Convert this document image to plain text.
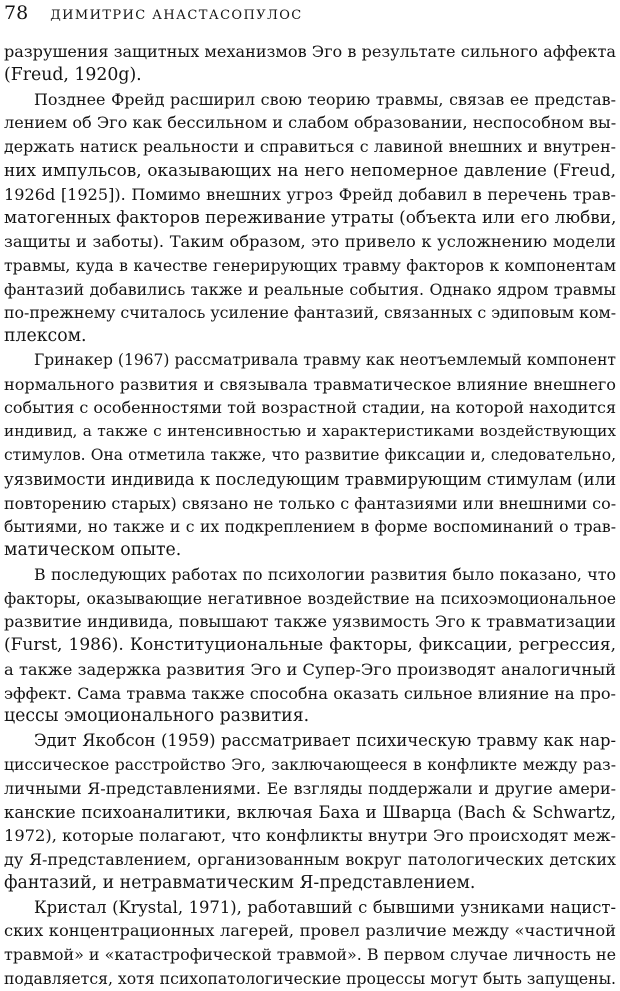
78 ДИМИТРИС АНАСТАСОПУЛОС
разрушения защитных механизмов Эго в результате сильного аффекта
(Freud, 1920g).
Позднее Фрейд расширил свою теорию травмы, связав ее представ-
лением об Эго как бессильном и слабом образовании, неспособном вы-
держать натиск реальности и справиться с лавиной внешних и внутрен-
них импульсов, оказывающих на него непомерное давление (Freud,
1926d [1925]). Помимо внешних угроз Фрейд добавил в перечень трав-
матогенных факторов переживание утраты (объекта или его любви,
защиты и заботы). Таким образом, это привело к усложнению модели
травмы, куда в качестве генерирующих травму факторов к компонентам
фантазий добавились также и реальные события. Однако ядром травмы
по-прежнему считалось усиление фантазий, связанных с эдиповым ком-
плексом.
Гринакер (1967) рассматривала травму как неотъемлемый компонент
нормального развития и связывала травматическое влияние внешнего
события с особенностями той возрастной стадии, на которой находится
индивид, а также с интенсивностью и характеристиками воздействующих
стимулов. Она отметила также, что развитие фиксации и, следовательно,
уязвимости индивида к последующим травмирующим стимулам (или
повторению старых) связано не только с фантазиями или внешними со-
бытиями, но также и с их подкреплением в форме воспоминаний о трав-
матическом опыте.
В последующих работах по психологии развития было показано, что
факторы, оказывающие негативное воздействие на психоэмоциональное
развитие индивида, повышают также уязвимость Эго к травматизации
(Furst, 1986). Конституциональные факторы, фиксации, регрессия,
а также задержка развития Эго и Супер-Эго производят аналогичный
эффект. Сама травма также способна оказать сильное влияние на про-
цессы эмоционального развития.
Эдит Якобсон (1959) рассматривает психическую травму как нар-
циссическое расстройство Эго, заключающееся в конфликте между раз-
личными Я-представлениями. Ее взгляды поддержали и другие амери-
канские психоаналитики, включая Баха и Шварца (Bach & Schwartz,
1972), которые полагают, что конфликты внутри Эго происходят меж-
ду Я-представлением, организованным вокруг патологических детских
фантазий, и нетравматическим Я-представлением.
Кристал (Krystal, 1971), работавший с бывшими узниками нацист-
ских концентрационных лагерей, провел различие между «частичной
травмой» и «катастрофической травмой». В первом случае личность не
подавляется, хотя психопатологические процессы могут быть запущены.
